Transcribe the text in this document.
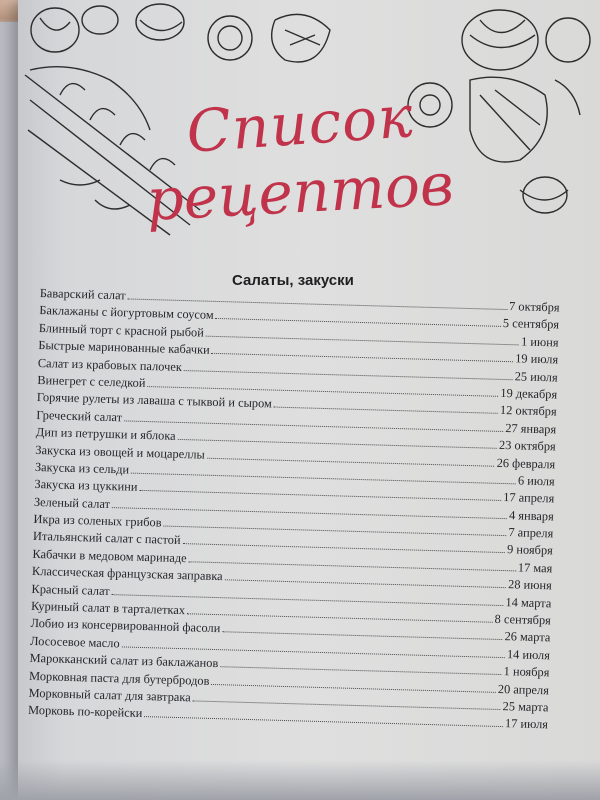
Список
рецептов
Салаты, закуски
Баварский салат
7 октября
Баклажаны с йогуртовым соусом
5 сентября
Блинный торт с красной рыбой
1 июня
Быстрые маринованные кабачки
19 июля
Салат из крабовых палочек
25 июля
Винегрет с селедкой
19 декабря
Горячие рулеты из лаваша с тыквой и сыром
12 октября
Греческий салат
27 января
Дип из петрушки и яблока
23 октября
Закуска из овощей и моцареллы
26 февраля
Закуска из сельди
6 июля
Закуска из цуккини
17 апреля
Зеленый салат
4 января
Икра из соленых грибов
7 апреля
Итальянский салат с пастой
9 ноября
Кабачки в медовом маринаде
17 мая
Классическая французская заправка
28 июня
Красный салат
14 марта
Куриный салат в тарталетках
8 сентября
Лобио из консервированной фасоли
26 марта
Лососевое масло
14 июля
Марокканский салат из баклажанов
1 ноября
Морковная паста для бутербродов
20 апреля
Морковный салат для завтрака
25 марта
Морковь по-корейски
17 июля
